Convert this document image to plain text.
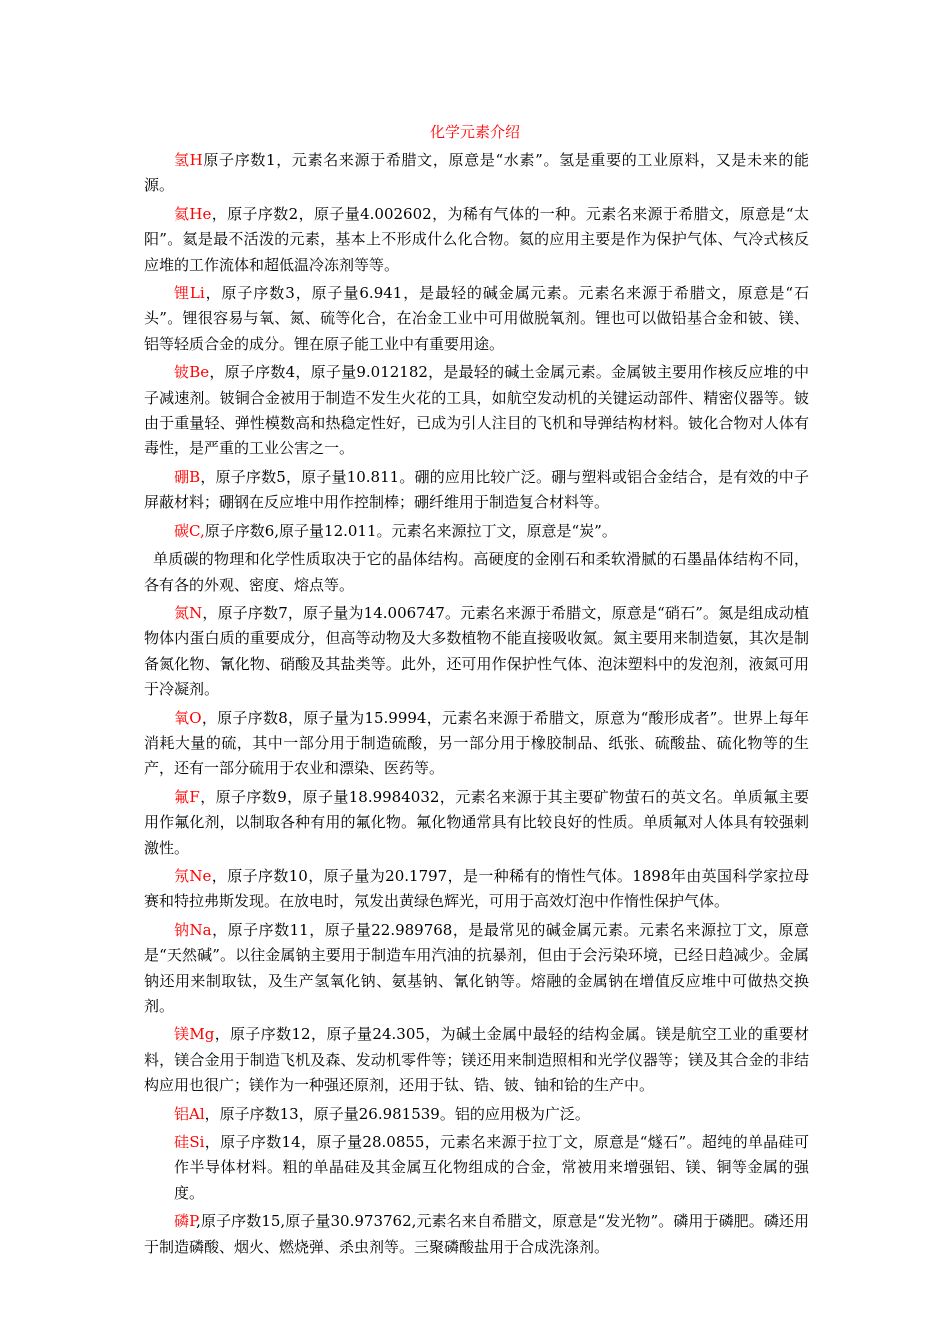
化学元素介绍

氢H原子序数1，元素名来源于希腊文，原意是“水素”。氢是重要的工业原料，又是未来的能源。

氦He，原子序数2，原子量4.002602，为稀有气体的一种。元素名来源于希腊文，原意是“太阳”。氦是最不活泼的元素，基本上不形成什么化合物。氦的应用主要是作为保护气体、气冷式核反应堆的工作流体和超低温冷冻剂等等。

锂Li，原子序数3，原子量6.941，是最轻的碱金属元素。元素名来源于希腊文，原意是“石头”。锂很容易与氧、氮、硫等化合，在冶金工业中可用做脱氧剂。锂也可以做铅基合金和铍、镁、铝等轻质合金的成分。锂在原子能工业中有重要用途。

铍Be，原子序数4，原子量9.012182，是最轻的碱土金属元素。金属铍主要用作核反应堆的中子减速剂。铍铜合金被用于制造不发生火花的工具，如航空发动机的关键运动部件、精密仪器等。铍由于重量轻、弹性模数高和热稳定性好，已成为引人注目的飞机和导弹结构材料。铍化合物对人体有毒性，是严重的工业公害之一。

硼B，原子序数5，原子量10.811。硼的应用比较广泛。硼与塑料或铝合金结合，是有效的中子屏蔽材料；硼钢在反应堆中用作控制棒；硼纤维用于制造复合材料等。

碳C,原子序数6,原子量12.011。元素名来源拉丁文，原意是“炭”。

单质碳的物理和化学性质取决于它的晶体结构。高硬度的金刚石和柔软滑腻的石墨晶体结构不同，各有各的外观、密度、熔点等。

氮N，原子序数7，原子量为14.006747。元素名来源于希腊文，原意是“硝石”。氮是组成动植物体内蛋白质的重要成分，但高等动物及大多数植物不能直接吸收氮。氮主要用来制造氨，其次是制备氮化物、氰化物、硝酸及其盐类等。此外，还可用作保护性气体、泡沫塑料中的发泡剂，液氮可用于冷凝剂。

氧O，原子序数8，原子量为15.9994，元素名来源于希腊文，原意为“酸形成者”。世界上每年消耗大量的硫，其中一部分用于制造硫酸，另一部分用于橡胶制品、纸张、硫酸盐、硫化物等的生产，还有一部分硫用于农业和漂染、医药等。

氟F，原子序数9，原子量18.9984032，元素名来源于其主要矿物萤石的英文名。单质氟主要用作氟化剂，以制取各种有用的氟化物。氟化物通常具有比较良好的性质。单质氟对人体具有较强刺激性。

氖Ne，原子序数10，原子量为20.1797，是一种稀有的惰性气体。1898年由英国科学家拉母赛和特拉弗斯发现。在放电时，氖发出黄绿色辉光，可用于高效灯泡中作惰性保护气体。

钠Na，原子序数11，原子量22.989768，是最常见的碱金属元素。元素名来源拉丁文，原意是“天然碱”。以往金属钠主要用于制造车用汽油的抗暴剂，但由于会污染环境，已经日趋减少。金属钠还用来制取钛，及生产氢氧化钠、氨基钠、氰化钠等。熔融的金属钠在增值反应堆中可做热交换剂。

镁Mg，原子序数12，原子量24.305，为碱土金属中最轻的结构金属。镁是航空工业的重要材料，镁合金用于制造飞机及森、发动机零件等；镁还用来制造照相和光学仪器等；镁及其合金的非结构应用也很广；镁作为一种强还原剂，还用于钛、锆、铍、铀和铪的生产中。

铝Al，原子序数13，原子量26.981539。铝的应用极为广泛。

硅Si，原子序数14，原子量28.0855，元素名来源于拉丁文，原意是“燧石”。超纯的单晶硅可作半导体材料。粗的单晶硅及其金属互化物组成的合金，常被用来增强铝、镁、铜等金属的强度。

磷P,原子序数15,原子量30.973762,元素名来自希腊文，原意是“发光物”。磷用于磷肥。磷还用于制造磷酸、烟火、燃烧弹、杀虫剂等。三聚磷酸盐用于合成洗涤剂。
